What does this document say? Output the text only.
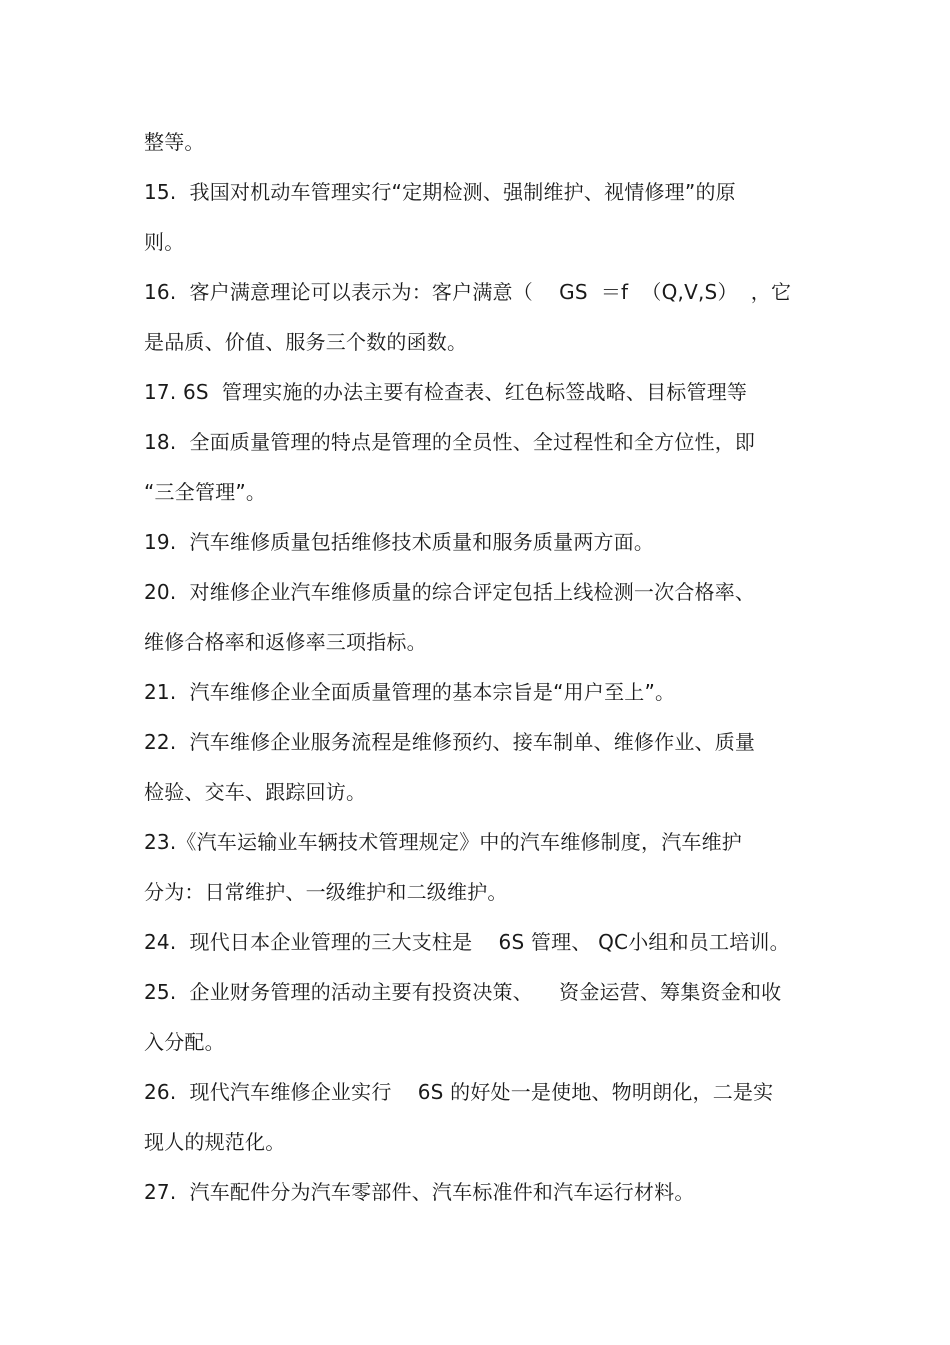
整等。
15.  我国对机动车管理实行“定期检测、强制维护、视情修理”的原
则。
16.  客户满意理论可以表示为：客户满意（    GS  ＝f  （Q,V,S）  ，它
是品质、价值、服务三个数的函数。
17. 6S  管理实施的办法主要有检查表、红色标签战略、目标管理等
18.  全面质量管理的特点是管理的全员性、全过程性和全方位性，即
“三全管理”。
19.  汽车维修质量包括维修技术质量和服务质量两方面。
20.  对维修企业汽车维修质量的综合评定包括上线检测一次合格率、
维修合格率和返修率三项指标。
21.  汽车维修企业全面质量管理的基本宗旨是“用户至上”。
22.  汽车维修企业服务流程是维修预约、接车制单、维修作业、质量
检验、交车、跟踪回访。
23.《汽车运输业车辆技术管理规定》中的汽车维修制度，汽车维护
分为：日常维护、一级维护和二级维护。
24.  现代日本企业管理的三大支柱是    6S 管理、 QC小组和员工培训。
25.  企业财务管理的活动主要有投资决策、    资金运营、筹集资金和收
入分配。
26.  现代汽车维修企业实行    6S 的好处一是使地、物明朗化，二是实
现人的规范化。
27.  汽车配件分为汽车零部件、汽车标准件和汽车运行材料。
